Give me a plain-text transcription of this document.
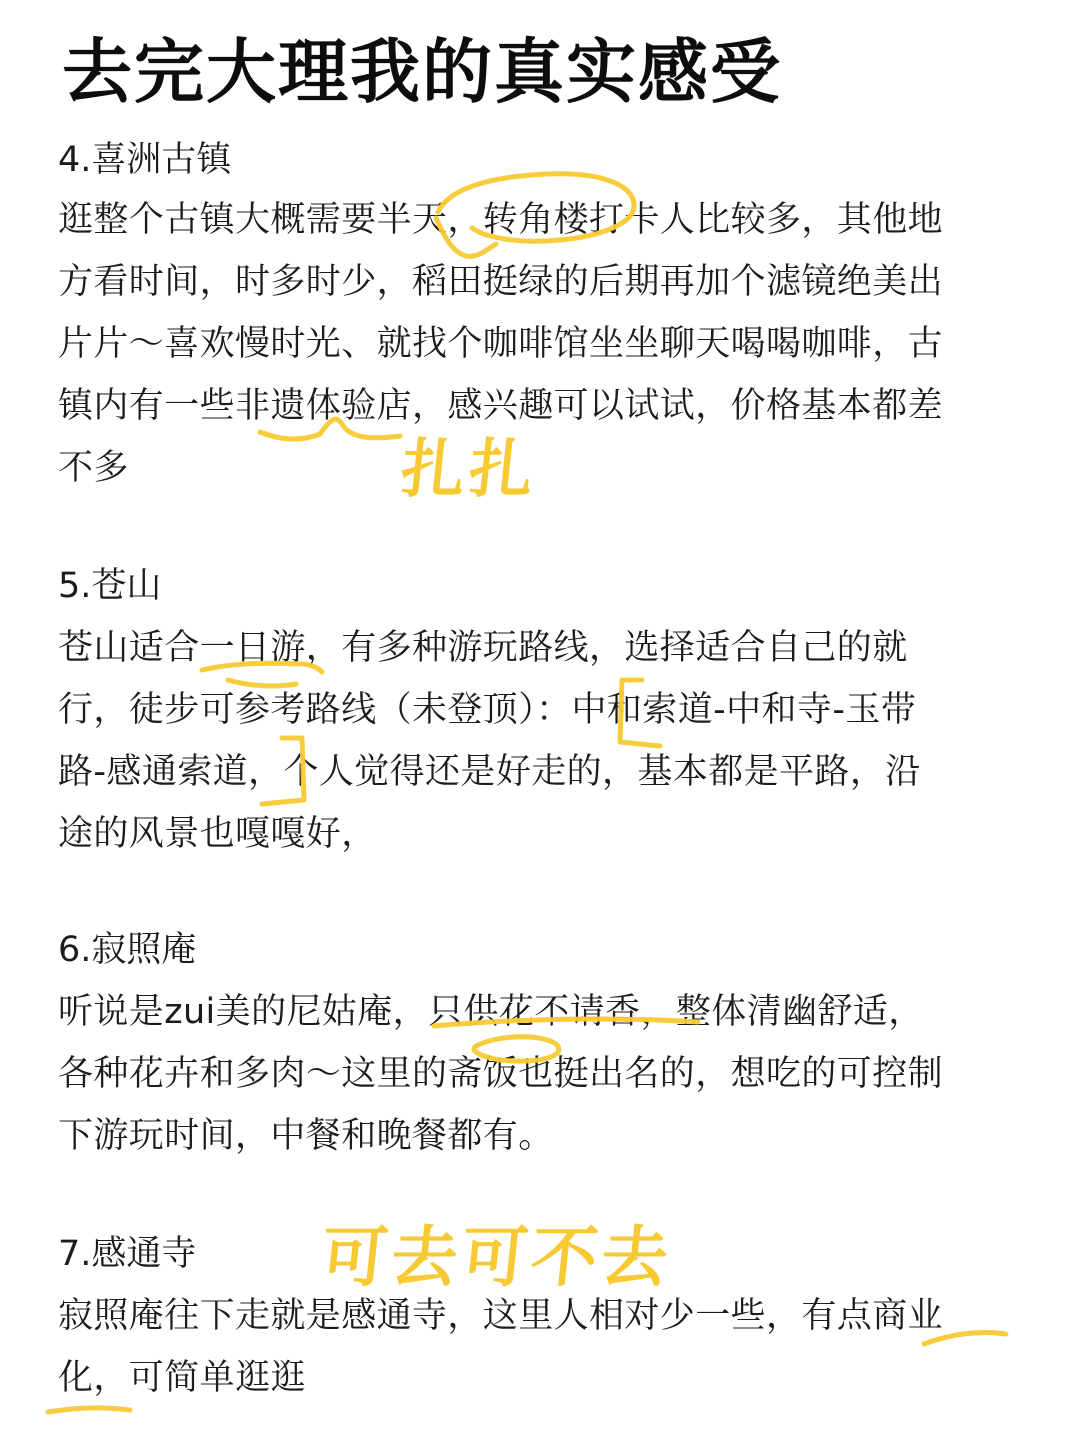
去完大理我的真实感受
4.喜洲古镇
逛整个古镇大概需要半天，转角楼打卡人比较多，其他地
方看时间，时多时少，稻田挺绿的后期再加个滤镜绝美出
片片～喜欢慢时光、就找个咖啡馆坐坐聊天喝喝咖啡，古
镇内有一些非遗体验店，感兴趣可以试试，价格基本都差
不多
5.苍山
苍山适合一日游，有多种游玩路线，选择适合自己的就
行，徒步可参考路线（未登顶）：中和索道-中和寺-玉带
路-感通索道，个人觉得还是好走的，基本都是平路，沿
途的风景也嘎嘎好，
6.寂照庵
听说是zui美的尼姑庵，只供花不请香，整体清幽舒适，
各种花卉和多肉～这里的斋饭也挺出名的，想吃的可控制
下游玩时间，中餐和晚餐都有。
7.感通寺
寂照庵往下走就是感通寺，这里人相对少一些，有点商业
化，可简单逛逛
扎扎
可去可不去
